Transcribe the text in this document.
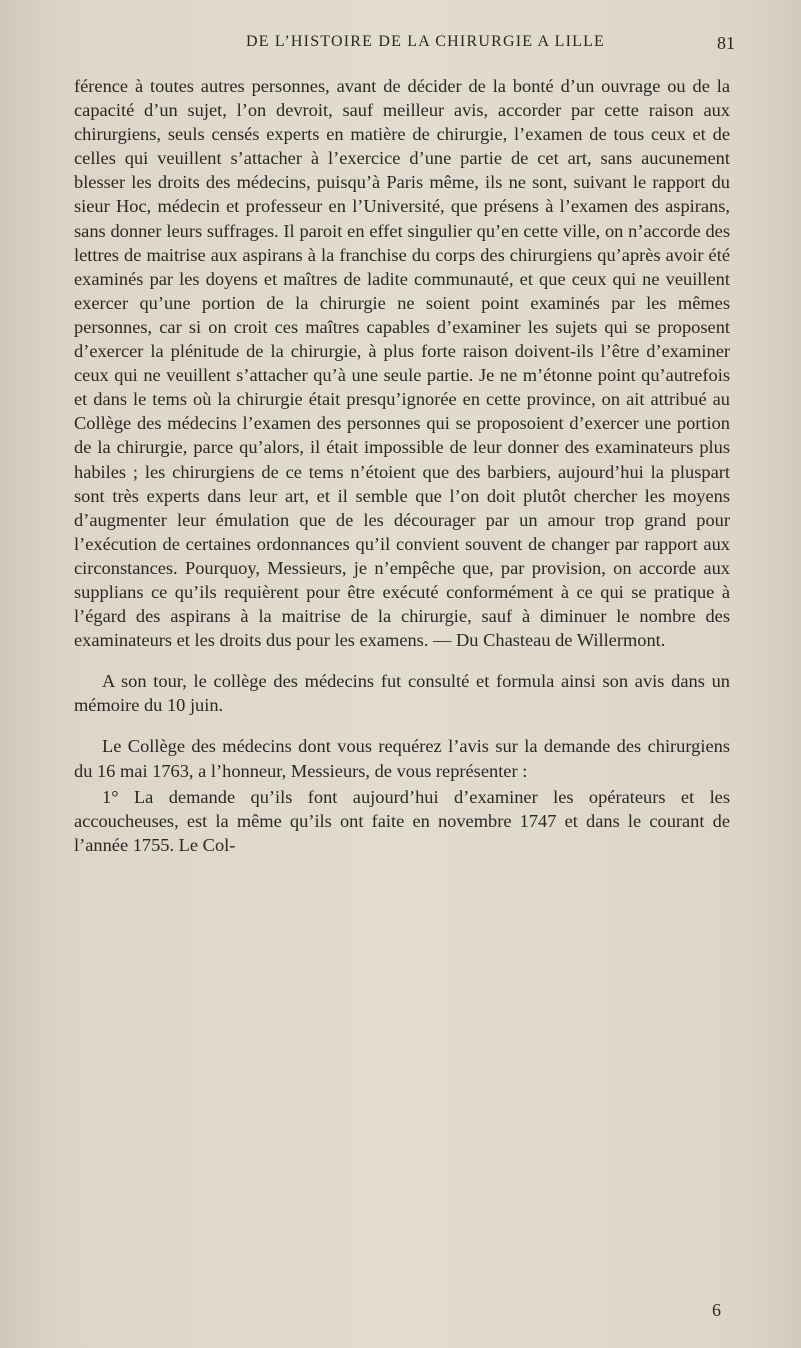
DE L’HISTOIRE DE LA CHIRURGIE A LILLE	81

férence à toutes autres personnes, avant de décider de la bonté d’un ouvrage ou de la capacité d’un sujet, l’on devroit, sauf meilleur avis, accorder par cette raison aux chirurgiens, seuls censés experts en matière de chirurgie, l’examen de tous ceux et de celles qui veuillent s’attacher à l’exercice d’une partie de cet art, sans aucunement blesser les droits des médecins, puisqu’à Paris même, ils ne sont, suivant le rapport du sieur Hoc, médecin et professeur en l’Université, que présens à l’examen des aspirans, sans donner leurs suffrages. Il paroit en effet singulier qu’en cette ville, on n’accorde des lettres de maitrise aux aspirans à la franchise du corps des chirurgiens qu’après avoir été examinés par les doyens et maîtres de ladite communauté, et que ceux qui ne veuillent exercer qu’une portion de la chirurgie ne soient point examinés par les mêmes personnes, car si on croit ces maîtres capables d’examiner les sujets qui se proposent d’exercer la plénitude de la chirurgie, à plus forte raison doivent-ils l’être d’examiner ceux qui ne veuillent s’attacher qu’à une seule partie. Je ne m’étonne point qu’autrefois et dans le tems où la chirurgie était presqu’ignorée en cette province, on ait attribué au Collège des médecins l’examen des personnes qui se proposoient d’exercer une portion de la chirurgie, parce qu’alors, il était impossible de leur donner des examinateurs plus habiles ; les chirurgiens de ce tems n’étoient que des barbiers, aujourd’hui la pluspart sont très experts dans leur art, et il semble que l’on doit plutôt chercher les moyens d’augmenter leur émulation que de les décourager par un amour trop grand pour l’exécution de certaines ordonnances qu’il convient souvent de changer par rapport aux circonstances. Pourquoy, Messieurs, je n’empêche que, par provision, on accorde aux supplians ce qu’ils requièrent pour être exécuté conformément à ce qui se pratique à l’égard des aspirans à la maitrise de la chirurgie, sauf à diminuer le nombre des examinateurs et les droits dus pour les examens. — Du Chasteau de Willermont.

A son tour, le collège des médecins fut consulté et formula ainsi son avis dans un mémoire du 10 juin.

Le Collège des médecins dont vous requérez l’avis sur la demande des chirurgiens du 16 mai 1763, a l’honneur, Messieurs, de vous représenter :

1° La demande qu’ils font aujourd’hui d’examiner les opérateurs et les accoucheuses, est la même qu’ils ont faite en novembre 1747 et dans le courant de l’année 1755. Le Col-

6
